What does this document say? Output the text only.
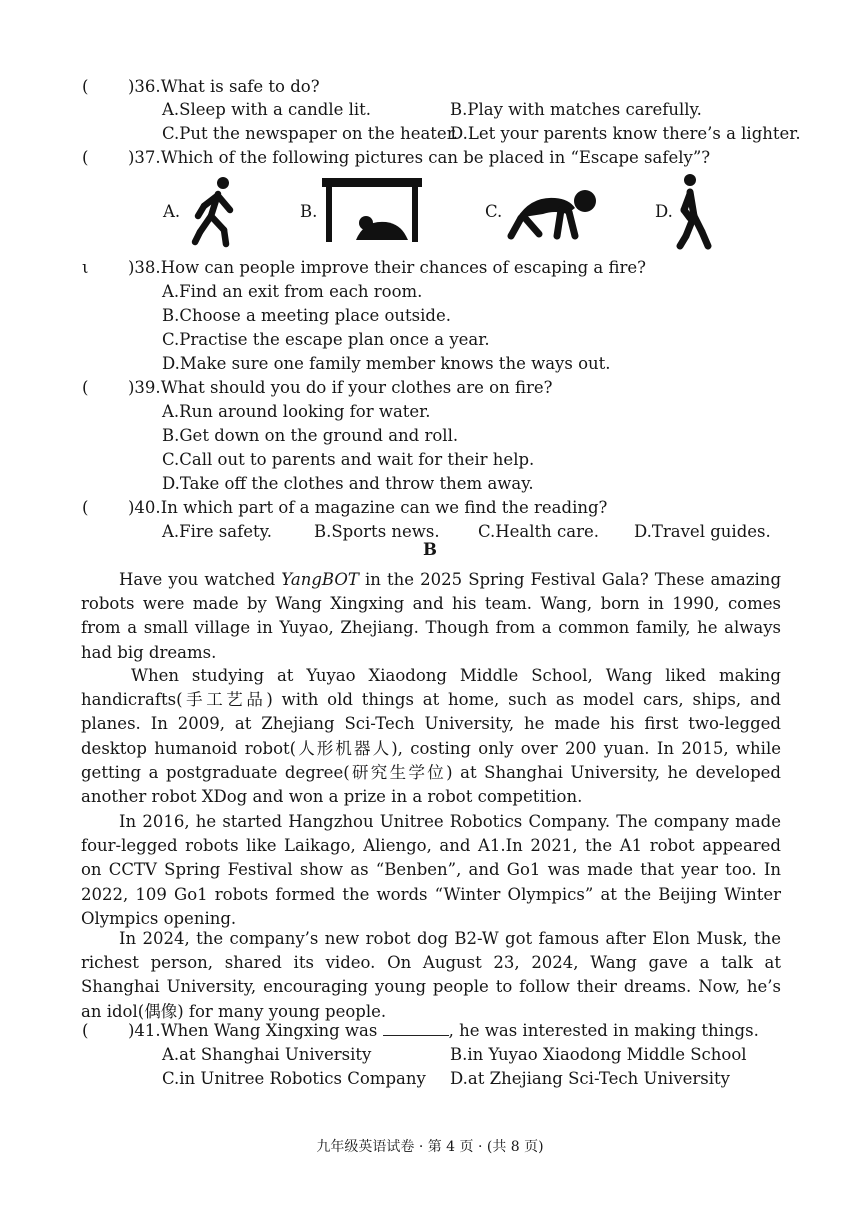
( )36.What is safe to do?
A.Sleep with a candle lit.	B.Play with matches carefully.
C.Put the newspaper on the heater.
D.Let your parents know there’s a lighter.
( )37.Which of the following pictures can be placed in “Escape safely”?
A.	B.	C.	D.
ι )38.How can people improve their chances of escaping a fire?
A.Find an exit from each room.
B.Choose a meeting place outside.
C.Practise the escape plan once a year.
D.Make sure one family member knows the ways out.
( )39.What should you do if your clothes are on fire?
A.Run around looking for water.
B.Get down on the ground and roll.
C.Call out to parents and wait for their help.
D.Take off the clothes and throw them away.
( )40.In which part of a magazine can we find the reading?
A.Fire safety.	B.Sports news. C.Health care. D.Travel guides.
B
Have you watched YangBOT in the 2025 Spring Festival Gala? These amazing robots were made by Wang Xingxing and his team. Wang, born in 1990, comes from a small village in Yuyao, Zhejiang. Though from a common family, he always had big dreams.
When studying at Yuyao Xiaodong Middle School, Wang liked making handicrafts(手工艺品) with old things at home, such as model cars, ships, and planes. In 2009, at Zhejiang Sci-Tech University, he made his first two-legged desktop humanoid robot(人形机器人), costing only over 200 yuan. In 2015, while getting a postgraduate degree(研究生学位) at Shanghai University, he developed another robot XDog and won a prize in a robot competition.
In 2016, he started Hangzhou Unitree Robotics Company. The company made four-legged robots like Laikago, Aliengo, and A1.In 2021, the A1 robot appeared on CCTV Spring Festival show as “Benben”, and Go1 was made that year too. In 2022, 109 Go1 robots formed the words “Winter Olympics” at the Beijing Winter Olympics opening.
In 2024, the company’s new robot dog B2-W got famous after Elon Musk, the richest person, shared its video. On August 23, 2024, Wang gave a talk at Shanghai University, encouraging young people to follow their dreams. Now, he’s an idol(偶像) for many young people.
( )41.When Wang Xingxing was	, he was interested in making things.
A.at Shanghai University	B.in Yuyao Xiaodong Middle School
C.in Unitree Robotics Company D.at Zhejiang Sci-Tech University
九年级英语试卷 · 第 4 页 · (共 8 页)
